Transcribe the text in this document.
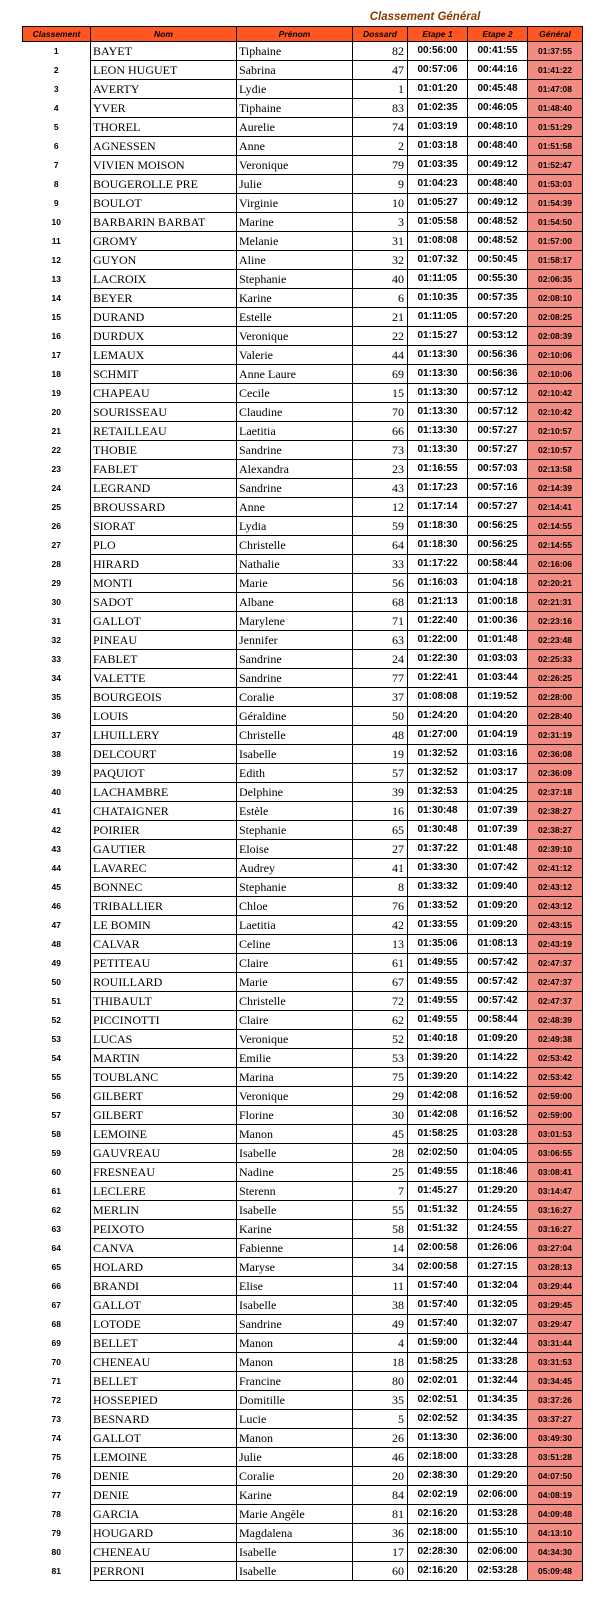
Classement Général
Classement	Nom	Prénom	Dossard	Etape 1	Etape 2	Général
1	BAYET	Tiphaine	82	00:56:00	00:41:55	01:37:55
2	LEON HUGUET	Sabrina	47	00:57:06	00:44:16	01:41:22
3	AVERTY	Lydie	1	01:01:20	00:45:48	01:47:08
4	YVER	Tiphaine	83	01:02:35	00:46:05	01:48:40
5	THOREL	Aurelie	74	01:03:19	00:48:10	01:51:29
6	AGNESSEN	Anne	2	01:03:18	00:48:40	01:51:58
7	VIVIEN MOISON	Veronique	79	01:03:35	00:49:12	01:52:47
8	BOUGEROLLE PRE	Julie	9	01:04:23	00:48:40	01:53:03
9	BOULOT	Virginie	10	01:05:27	00:49:12	01:54:39
10	BARBARIN BARBAT	Marine	3	01:05:58	00:48:52	01:54:50
11	GROMY	Melanie	31	01:08:08	00:48:52	01:57:00
12	GUYON	Aline	32	01:07:32	00:50:45	01:58:17
13	LACROIX	Stephanie	40	01:11:05	00:55:30	02:06:35
14	BEYER	Karine	6	01:10:35	00:57:35	02:08:10
15	DURAND	Estelle	21	01:11:05	00:57:20	02:08:25
16	DURDUX	Veronique	22	01:15:27	00:53:12	02:08:39
17	LEMAUX	Valerie	44	01:13:30	00:56:36	02:10:06
18	SCHMIT	Anne Laure	69	01:13:30	00:56:36	02:10:06
19	CHAPEAU	Cecile	15	01:13:30	00:57:12	02:10:42
20	SOURISSEAU	Claudine	70	01:13:30	00:57:12	02:10:42
21	RETAILLEAU	Laetitia	66	01:13:30	00:57:27	02:10:57
22	THOBIE	Sandrine	73	01:13:30	00:57:27	02:10:57
23	FABLET	Alexandra	23	01:16:55	00:57:03	02:13:58
24	LEGRAND	Sandrine	43	01:17:23	00:57:16	02:14:39
25	BROUSSARD	Anne	12	01:17:14	00:57:27	02:14:41
26	SIORAT	Lydia	59	01:18:30	00:56:25	02:14:55
27	PLO	Christelle	64	01:18:30	00:56:25	02:14:55
28	HIRARD	Nathalie	33	01:17:22	00:58:44	02:16:06
29	MONTI	Marie	56	01:16:03	01:04:18	02:20:21
30	SADOT	Albane	68	01:21:13	01:00:18	02:21:31
31	GALLOT	Marylene	71	01:22:40	01:00:36	02:23:16
32	PINEAU	Jennifer	63	01:22:00	01:01:48	02:23:48
33	FABLET	Sandrine	24	01:22:30	01:03:03	02:25:33
34	VALETTE	Sandrine	77	01:22:41	01:03:44	02:26:25
35	BOURGEOIS	Coralie	37	01:08:08	01:19:52	02:28:00
36	LOUIS	Géraldine	50	01:24:20	01:04:20	02:28:40
37	LHUILLERY	Christelle	48	01:27:00	01:04:19	02:31:19
38	DELCOURT	Isabelle	19	01:32:52	01:03:16	02:36:08
39	PAQUIOT	Edith	57	01:32:52	01:03:17	02:36:09
40	LACHAMBRE	Delphine	39	01:32:53	01:04:25	02:37:18
41	CHATAIGNER	Estèle	16	01:30:48	01:07:39	02:38:27
42	POIRIER	Stephanie	65	01:30:48	01:07:39	02:38:27
43	GAUTIER	Eloise	27	01:37:22	01:01:48	02:39:10
44	LAVAREC	Audrey	41	01:33:30	01:07:42	02:41:12
45	BONNEC	Stephanie	8	01:33:32	01:09:40	02:43:12
46	TRIBALLIER	Chloe	76	01:33:52	01:09:20	02:43:12
47	LE BOMIN	Laetitia	42	01:33:55	01:09:20	02:43:15
48	CALVAR	Celine	13	01:35:06	01:08:13	02:43:19
49	PETITEAU	Claire	61	01:49:55	00:57:42	02:47:37
50	ROUILLARD	Marie	67	01:49:55	00:57:42	02:47:37
51	THIBAULT	Christelle	72	01:49:55	00:57:42	02:47:37
52	PICCINOTTI	Claire	62	01:49:55	00:58:44	02:48:39
53	LUCAS	Veronique	52	01:40:18	01:09:20	02:49:38
54	MARTIN	Emilie	53	01:39:20	01:14:22	02:53:42
55	TOUBLANC	Marina	75	01:39:20	01:14:22	02:53:42
56	GILBERT	Veronique	29	01:42:08	01:16:52	02:59:00
57	GILBERT	Florine	30	01:42:08	01:16:52	02:59:00
58	LEMOINE	Manon	45	01:58:25	01:03:28	03:01:53
59	GAUVREAU	Isabelle	28	02:02:50	01:04:05	03:06:55
60	FRESNEAU	Nadine	25	01:49:55	01:18:46	03:08:41
61	LECLERE	Sterenn	7	01:45:27	01:29:20	03:14:47
62	MERLIN	Isabelle	55	01:51:32	01:24:55	03:16:27
63	PEIXOTO	Karine	58	01:51:32	01:24:55	03:16:27
64	CANVA	Fabienne	14	02:00:58	01:26:06	03:27:04
65	HOLARD	Maryse	34	02:00:58	01:27:15	03:28:13
66	BRANDI	Elise	11	01:57:40	01:32:04	03:29:44
67	GALLOT	Isabelle	38	01:57:40	01:32:05	03:29:45
68	LOTODE	Sandrine	49	01:57:40	01:32:07	03:29:47
69	BELLET	Manon	4	01:59:00	01:32:44	03:31:44
70	CHENEAU	Manon	18	01:58:25	01:33:28	03:31:53
71	BELLET	Francine	80	02:02:01	01:32:44	03:34:45
72	HOSSEPIED	Domitille	35	02:02:51	01:34:35	03:37:26
73	BESNARD	Lucie	5	02:02:52	01:34:35	03:37:27
74	GALLOT	Manon	26	01:13:30	02:36:00	03:49:30
75	LEMOINE	Julie	46	02:18:00	01:33:28	03:51:28
76	DENIE	Coralie	20	02:38:30	01:29:20	04:07:50
77	DENIE	Karine	84	02:02:19	02:06:00	04:08:19
78	GARCIA	Marie Angèle	81	02:16:20	01:53:28	04:09:48
79	HOUGARD	Magdalena	36	02:18:00	01:55:10	04:13:10
80	CHENEAU	Isabelle	17	02:28:30	02:06:00	04:34:30
81	PERRONI	Isabelle	60	02:16:20	02:53:28	05:09:48
